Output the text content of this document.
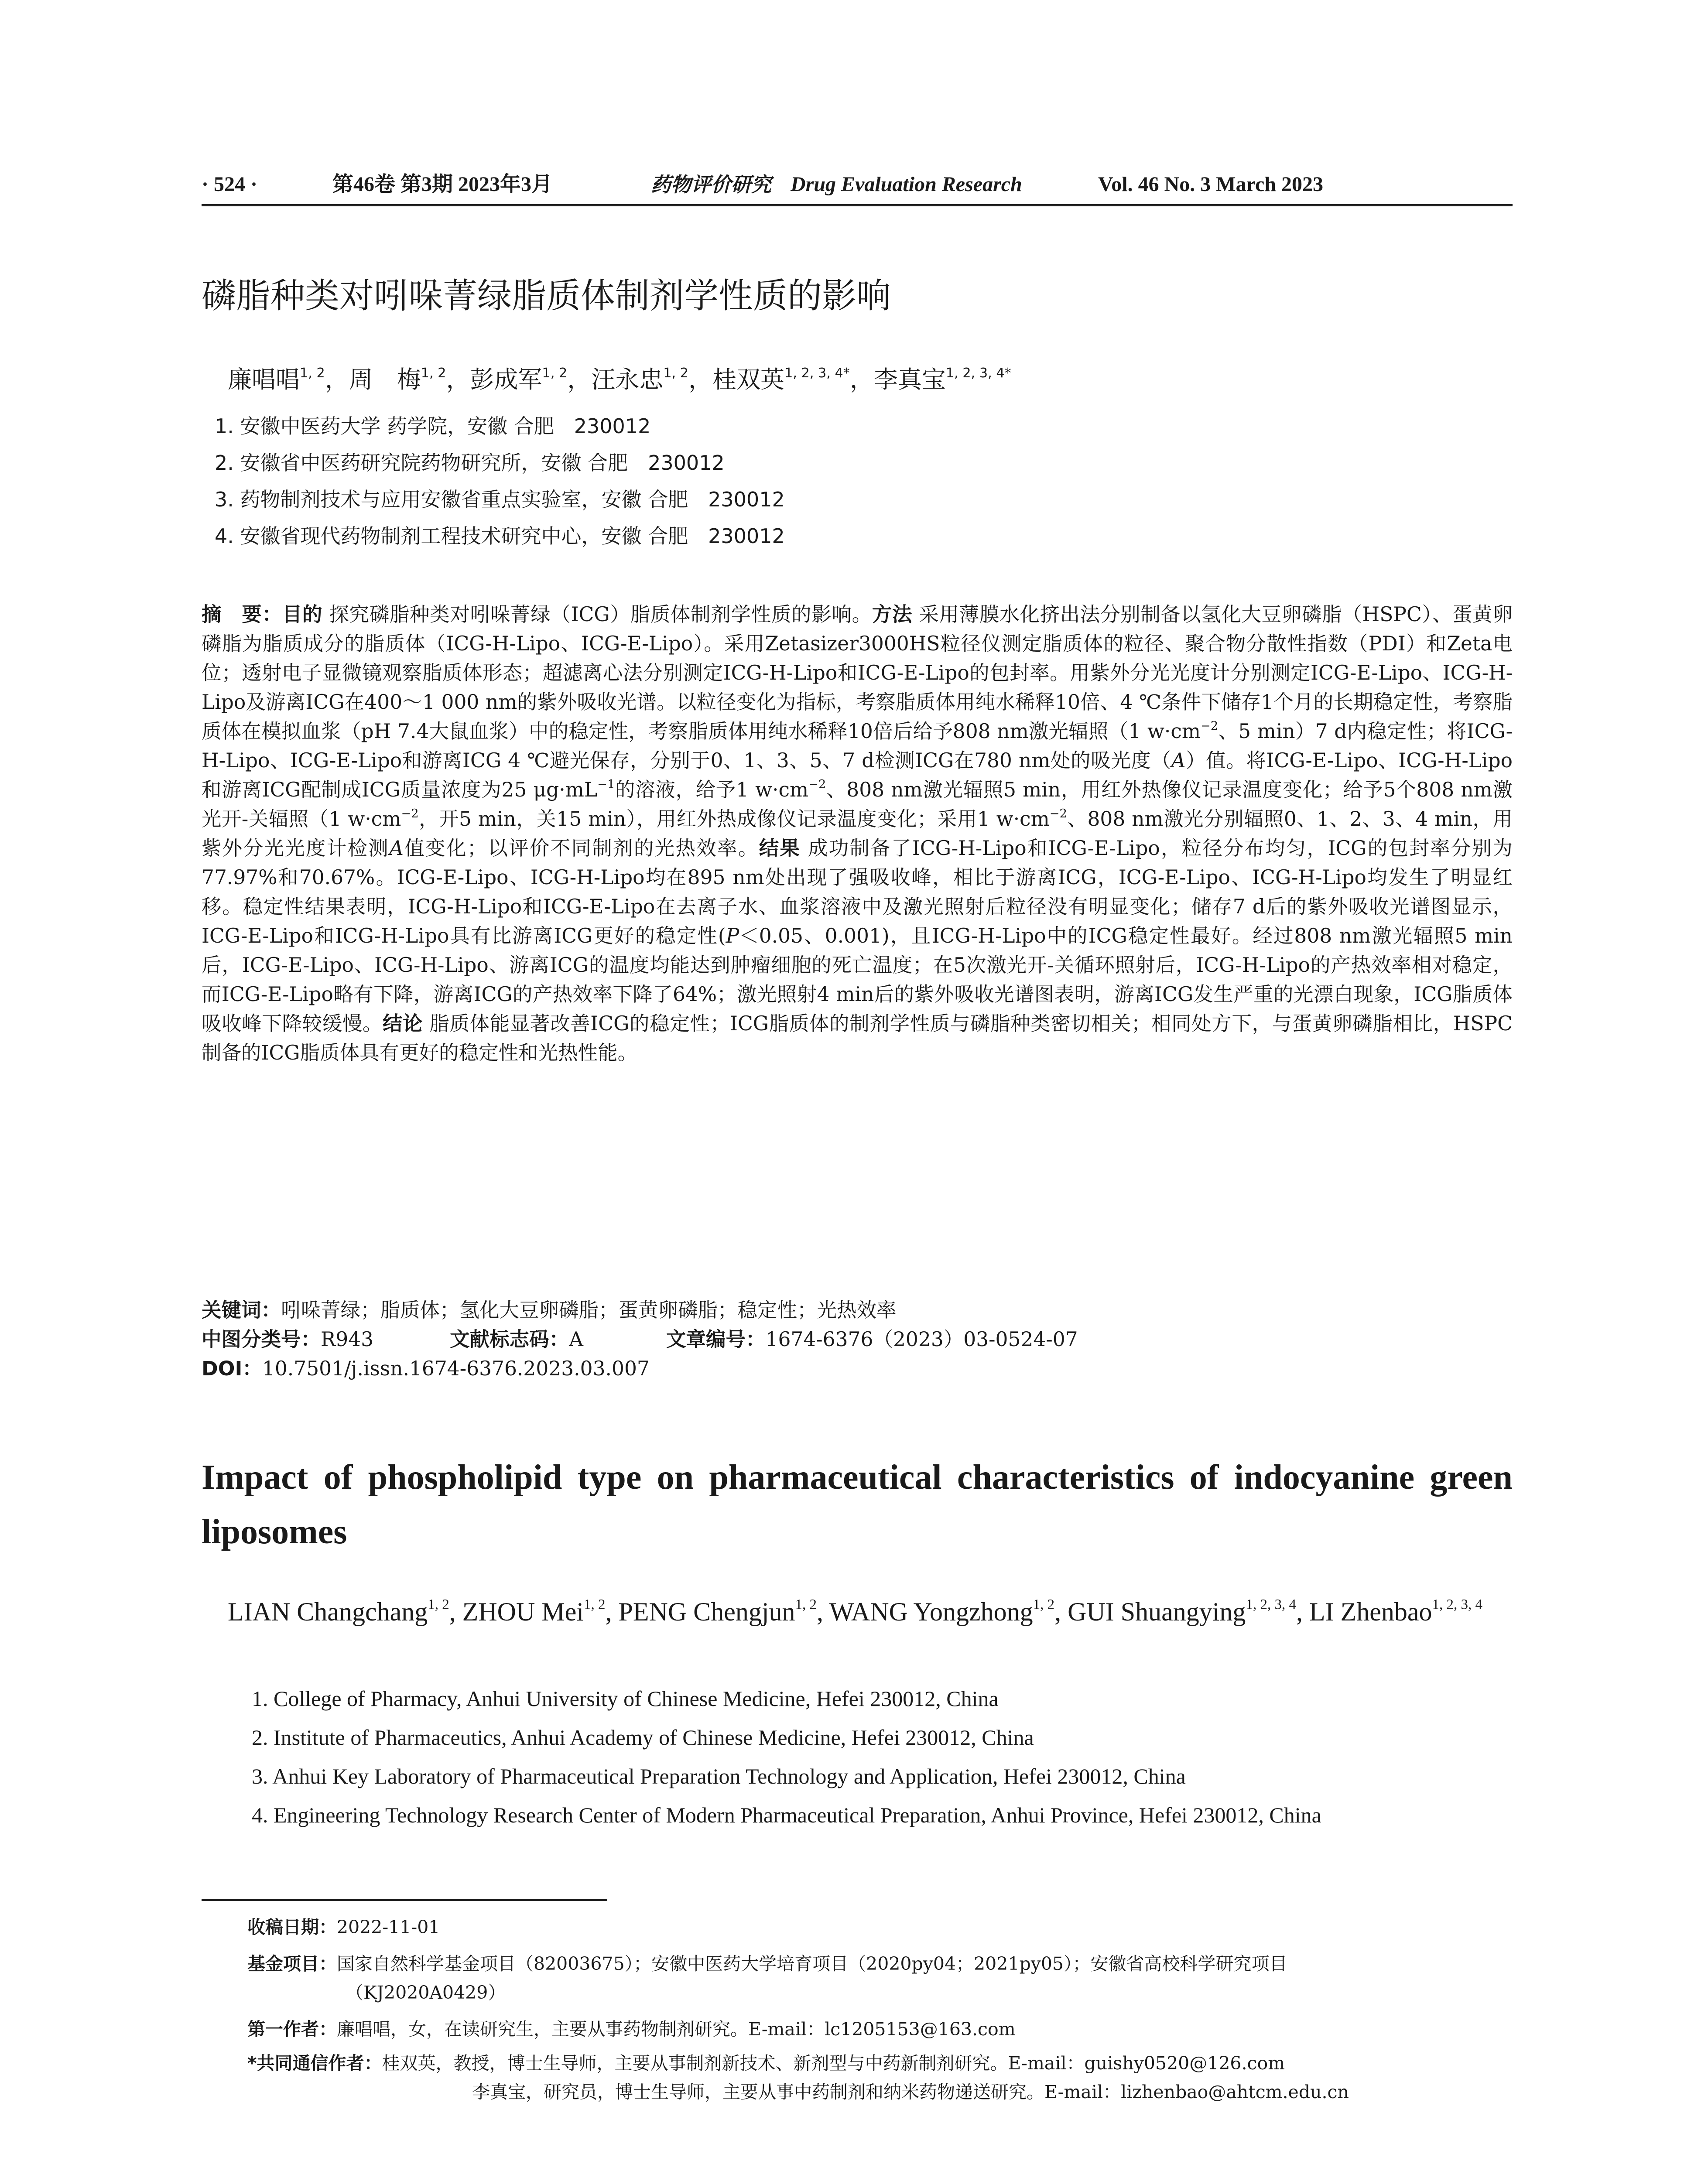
· 524 ·	第46卷 第3期 2023年3月	药物评价研究 Drug Evaluation Research	Vol. 46 No. 3 March 2023
磷脂种类对吲哚菁绿脂质体制剂学性质的影响
廉唱唱$^{1, 2}$，周　梅$^{1, 2}$，彭成军$^{1, 2}$，汪永忠$^{1, 2}$，桂双英$^{1, 2, 3, 4*}$，李真宝$^{1, 2, 3, 4*}$
1. 安徽中医药大学 药学院，安徽 合肥　230012
2. 安徽省中医药研究院药物研究所，安徽 合肥　230012
3. 药物制剂技术与应用安徽省重点实验室，安徽 合肥　230012
4. 安徽省现代药物制剂工程技术研究中心，安徽 合肥　230012
摘　要：目的 探究磷脂种类对吲哚菁绿（ICG）脂质体制剂学性质的影响。方法 采用薄膜水化挤出法分别制备以氢化大豆卵磷脂（HSPC）、蛋黄卵磷脂为脂质成分的脂质体（ICG-H-Lipo、ICG-E-Lipo）。采用Zetasizer3000HS粒径仪测定脂质体的粒径、聚合物分散性指数（PDI）和Zeta电位；透射电子显微镜观察脂质体形态；超滤离心法分别测定ICG-H-Lipo和ICG-E-Lipo的包封率。用紫外分光光度计分别测定ICG-E-Lipo、ICG-H-Lipo及游离ICG在400～1 000 nm的紫外吸收光谱。以粒径变化为指标，考察脂质体用纯水稀释10倍、4 ℃条件下储存1个月的长期稳定性，考察脂质体在模拟血浆（pH 7.4大鼠血浆）中的稳定性，考察脂质体用纯水稀释10倍后给予808 nm激光辐照（1 $w\cdot cm^{-2}$、5 min）7 d内稳定性；将ICG-H-Lipo、ICG-E-Lipo和游离ICG 4 ℃避光保存，分别于0、1、3、5、7 d检测ICG在780 nm处的吸光度（A）值。将ICG-E-Lipo、ICG-H-Lipo和游离ICG配制成ICG质量浓度为25 $\mu g\cdot mL^{-1}$的溶液，给予1 $w\cdot cm^{-2}$、808 nm激光辐照5 min，用红外热像仪记录温度变化；给予5个808 nm激光开-关辐照（1 $w\cdot cm^{-2}$，开5 min，关15 min），用红外热成像仪记录温度变化；采用1 $w\cdot cm^{-2}$、808 nm激光分别辐照0、1、2、3、4 min，用紫外分光光度计检测A值变化；以评价不同制剂的光热效率。结果 成功制备了ICG-H-Lipo和ICG-E-Lipo，粒径分布均匀，ICG的包封率分别为77.97%和70.67%。ICG-E-Lipo、ICG-H-Lipo均在895 nm处出现了强吸收峰，相比于游离ICG，ICG-E-Lipo、ICG-H-Lipo均发生了明显红移。稳定性结果表明，ICG-H-Lipo和ICG-E-Lipo在去离子水、血浆溶液中及激光照射后粒径没有明显变化；储存7 d后的紫外吸收光谱图显示，ICG-E-Lipo和ICG-H-Lipo具有比游离ICG更好的稳定性(P＜0.05、0.001)，且ICG-H-Lipo中的ICG稳定性最好。经过808 nm激光辐照5 min后，ICG-E-Lipo、ICG-H-Lipo、游离ICG的温度均能达到肿瘤细胞的死亡温度；在5次激光开-关循环照射后，ICG-H-Lipo的产热效率相对稳定，而ICG-E-Lipo略有下降，游离ICG的产热效率下降了64%；激光照射4 min后的紫外吸收光谱图表明，游离ICG发生严重的光漂白现象，ICG脂质体吸收峰下降较缓慢。结论 脂质体能显著改善ICG的稳定性；ICG脂质体的制剂学性质与磷脂种类密切相关；相同处方下，与蛋黄卵磷脂相比，HSPC制备的ICG脂质体具有更好的稳定性和光热性能。
关键词：吲哚菁绿；脂质体；氢化大豆卵磷脂；蛋黄卵磷脂；稳定性；光热效率
中图分类号：R943	文献标志码：A	文章编号：1674-6376（2023）03-0524-07
DOI：10.7501/j.issn.1674-6376.2023.03.007
Impact of phospholipid type on pharmaceutical characteristics of indocyanine green liposomes
LIAN Changchang$^{1, 2}$, ZHOU Mei$^{1, 2}$, PENG Chengjun$^{1, 2}$, WANG Yongzhong$^{1, 2}$, GUI Shuangying$^{1, 2, 3, 4}$, LI Zhenbao$^{1, 2, 3, 4}$
1. College of Pharmacy, Anhui University of Chinese Medicine, Hefei 230012, China
2. Institute of Pharmaceutics, Anhui Academy of Chinese Medicine, Hefei 230012, China
3. Anhui Key Laboratory of Pharmaceutical Preparation Technology and Application, Hefei 230012, China
4. Engineering Technology Research Center of Modern Pharmaceutical Preparation, Anhui Province, Hefei 230012, China
收稿日期：2022-11-01
基金项目：国家自然科学基金项目（82003675）；安徽中医药大学培育项目（2020py04；2021py05）；安徽省高校科学研究项目
（KJ2020A0429）
第一作者：廉唱唱，女，在读研究生，主要从事药物制剂研究。E-mail：lc1205153@163.com
*共同通信作者：桂双英，教授，博士生导师，主要从事制剂新技术、新剂型与中药新制剂研究。E-mail：guishy0520@126.com
李真宝，研究员，博士生导师，主要从事中药制剂和纳米药物递送研究。E-mail：lizhenbao@ahtcm.edu.cn
